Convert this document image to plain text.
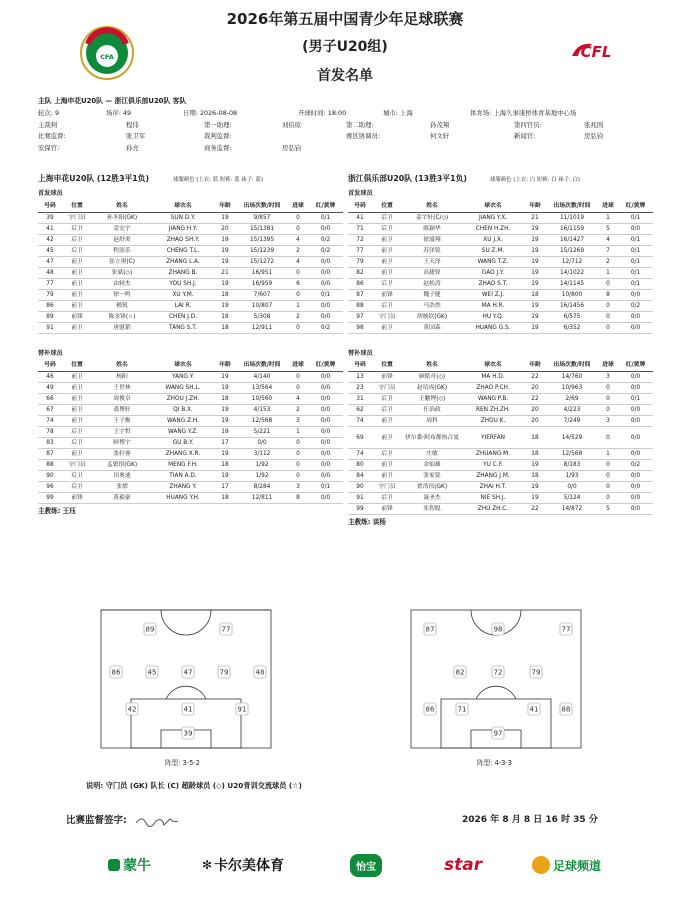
2026年第五届中国青少年足球联赛
(男子U20组)
首发名单
CFA	CFL
主队 上海申花U20队 — 浙江俱乐部U20队 客队
轮次: 9	场序: 49	日期: 2026-08-08	开球时间: 18:00	城市: 上海	体育场: 上海久事康桥体育基地中心场
主裁判	程伟	第一助理:	刘伯原	第二助理:	孙茂翔	第四官员:	张兆国
比赛监督:	张卫军	裁判监督:	赛区协调员:	何文轩	新闻官:	房弘钧
安保官:	孙亮	商务监督:	房弘钧
上海申花U20队 (12胜3平1负)	球服颜色 (上衣: 蓝 短裤: 蓝 袜子: 蓝)
首发球员
号码	位置	姓名	球衣名	年龄	出场次数/时间	进球	红/黄牌
39	守门员	孙冬阳(GK)	SUN D.Y.	19	9/857	0	0/1
41	后卫	姜宏宇	JIANG H.Y.	20	15/1381	0	0/0
42	后卫	赵舒炎	ZHAO SH.Y.	19	15/1395	4	0/2
45	后卫	程添乐	CHENG T.L.	19	15/1239	2	0/2
47	前卫	张立奥(C)	ZHANG L.A.	19	15/1272	4	0/0
48	前卫	张斌(◇)	ZHANG B.	21	16/951	0	0/0
77	前卫	由轲杰	YOU SH.J.	19	16/959	6	0/0
79	前卫	徐一鸣	XU Y.M.	18	7/607	0	0/1
86	前卫	赖锐	LAI R.	19	10/807	1	0/0
89	前锋	陈金锋(☆)	CHEN J.D.	18	5/308	2	0/0
91	前卫	唐慰韬	TANG S.T.	18	12/911	0	0/2
替补球员
号码	位置	姓名	球衣名	年龄	出场次数/时间	进球	红/黄牌
46	前卫	杨阳	YANG Y.	19	4/140	0	0/0
49	前卫	王世林	WANG SH.L.	19	13/564	0	0/0
66	前卫	周俊卓	ZHOU J.ZH.	18	10/560	4	0/0
67	前卫	裘博轩	QI B.X.	19	4/153	2	0/0
74	前卫	王子衡	WANG Z.H.	19	12/568	3	0/0
78	后卫	王宇哲	WANG Y.Z.	19	5/221	1	0/0
83	后卫	顾博宇	GU B.Y.	17	0/0	0	0/0
87	前卫	张轩睿	ZHANG X.R.	19	3/112	0	0/0
88	守门员	孟繁很(GK)	MENG F.H.	18	1/92	0	0/0
90	后卫	田奥迪	TIAN A.D.	19	1/92	0	0/0
96	后卫	张熠	ZHANG Y.	17	8/284	3	0/1
99	前锋	黄毅豪	HUANG Y.H.	18	12/811	8	0/0
主教练: 王珏
浙江俱乐部U20队 (13胜3平1负)	球服颜色 (上衣: 白 短裤: 白 袜子: 白)
首发球员
号码	位置	姓名	球衣名	年龄	出场次数/时间	进球	红/黄牌
41	后卫	姜宇轩(C/◇)	JIANG Y.X.	21	11/1019	1	0/1
71	后卫	陈颍华	CHEN H.ZH.	19	16/1159	5	0/0
72	前卫	徐渝翔	XU J.X.	19	16/1427	4	0/1
77	前卫	苏泽铭	SU Z.M.	19	15/1269	7	0/1
79	前卫	王天泽	WANG T.Z.	19	12/712	2	0/1
82	前卫	高捷铎	GAO J.Y.	19	14/1022	1	0/1
86	后卫	赵松涛	ZHAO S.T.	19	14/1145	0	0/1
87	前锋	魏子健	WEI Z.J.	18	10/800	8	0/0
88	后卫	马浩然	MA H.R.	19	16/1456	0	0/2
97	守门员	胡映钦(GK)	HU Y.Q.	19	6/575	0	0/0
98	前卫	黄国森	HUANG G.S.	19	6/352	0	0/0
替补球员
号码	位置	姓名	球衣名	年龄	出场次数/时间	进球	红/黄牌
13	前锋	顾皓舟(◇)	MA H.D.	22	14/760	3	0/0
23	守门员	赵培成(GK)	ZHAO P.CH.	20	10/963	0	0/0
31	后卫	王鹏博(◇)	WANG P.B.	22	2/69	0	0/1
62	后卫	任治政	REN ZH.ZH.	20	4/223	0	0/0
74	前卫	周科	ZHOU K.	20	7/249	3	0/0
69	前卫	伊尔番·阿布都热合曼	YIERFAN	18	14/529	0	0/0
74	后卫	庄敏	ZHUANG M.	18	12/568	1	0/0
80	前卫	余灿雄	YU C.F.	19	8/183	0	0/2
84	前卫	张家铭	ZHANG J.M.	18	1/93	0	0/0
90	守门员	翟浩伟(GK)	ZHAI H.T.	19	0/0	0	0/0
91	后卫	聂圣杰	NIE SH.J.	19	5/124	0	0/0
99	前锋	朱智聪	ZHU ZH.C.	22	14/872	5	0/0
主教练: 谈杨
89	77
86	45	47	79	48
42	41	91
39
87	98	77
82	72	79
86	71	41	88
97
阵型: 3-5-2	阵型: 4-3-3
说明: 守门员 (GK) 队长 (C) 超龄球员 (◇) U20青训交流球员 (☆)
比赛监督签字:	2026 年 8 月 8 日 16 时 35 分
蒙牛	✻ 卡尔美体育	怡宝	star	足球频道
